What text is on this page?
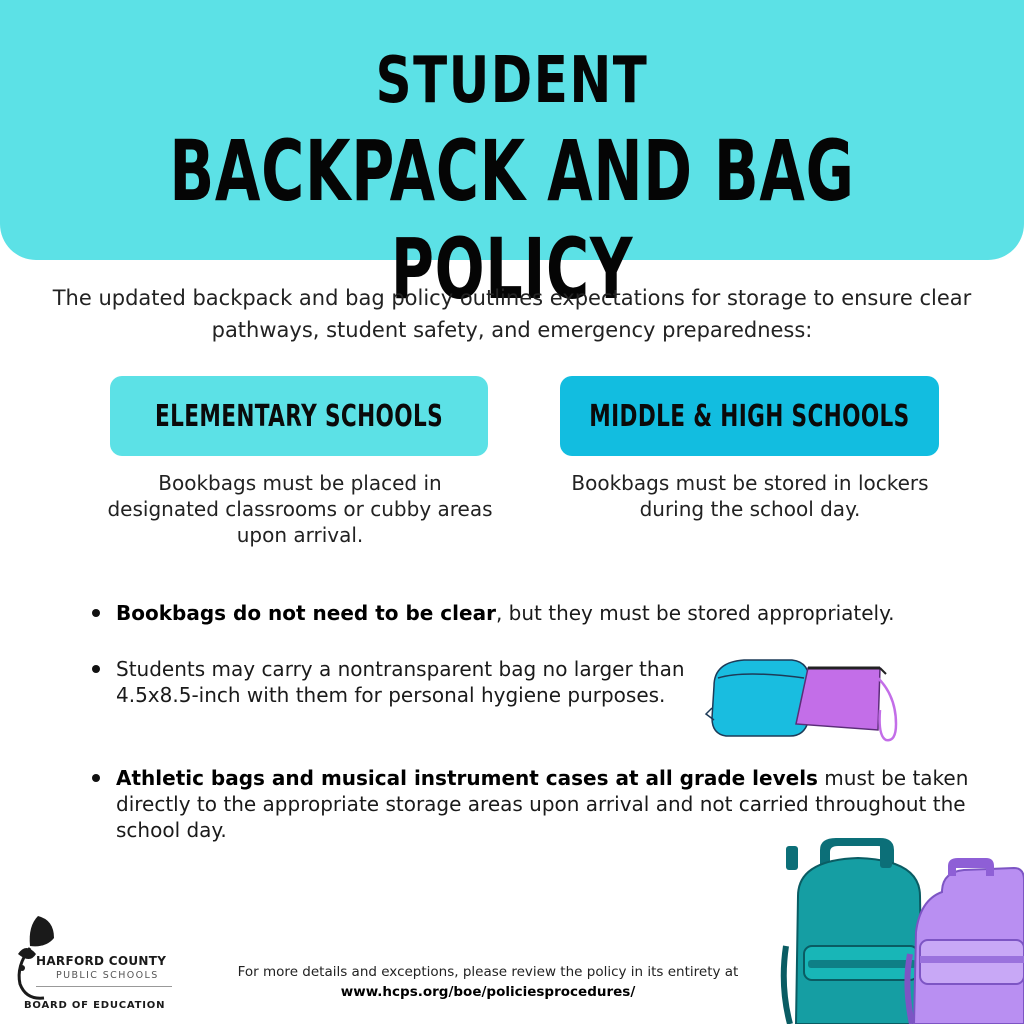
STUDENT
BACKPACK AND BAG POLICY

The updated backpack and bag policy outlines expectations for storage to ensure clear pathways, student safety, and emergency preparedness:

ELEMENTARY SCHOOLS	MIDDLE & HIGH SCHOOLS

Bookbags must be placed in designated classrooms or cubby areas upon arrival.

Bookbags must be stored in lockers during the school day.

Bookbags do not need to be clear, but they must be stored appropriately.
Students may carry a nontransparent bag no larger than 4.5x8.5-inch with them for personal hygiene purposes.
Athletic bags and musical instrument cases at all grade levels must be taken directly to the appropriate storage areas upon arrival and not carried throughout the school day.
HARFORD COUNTY
PUBLIC SCHOOLS
BOARD OF EDUCATION
For more details and exceptions, please review the policy in its entirety at
www.hcps.org/boe/policiesprocedures/
